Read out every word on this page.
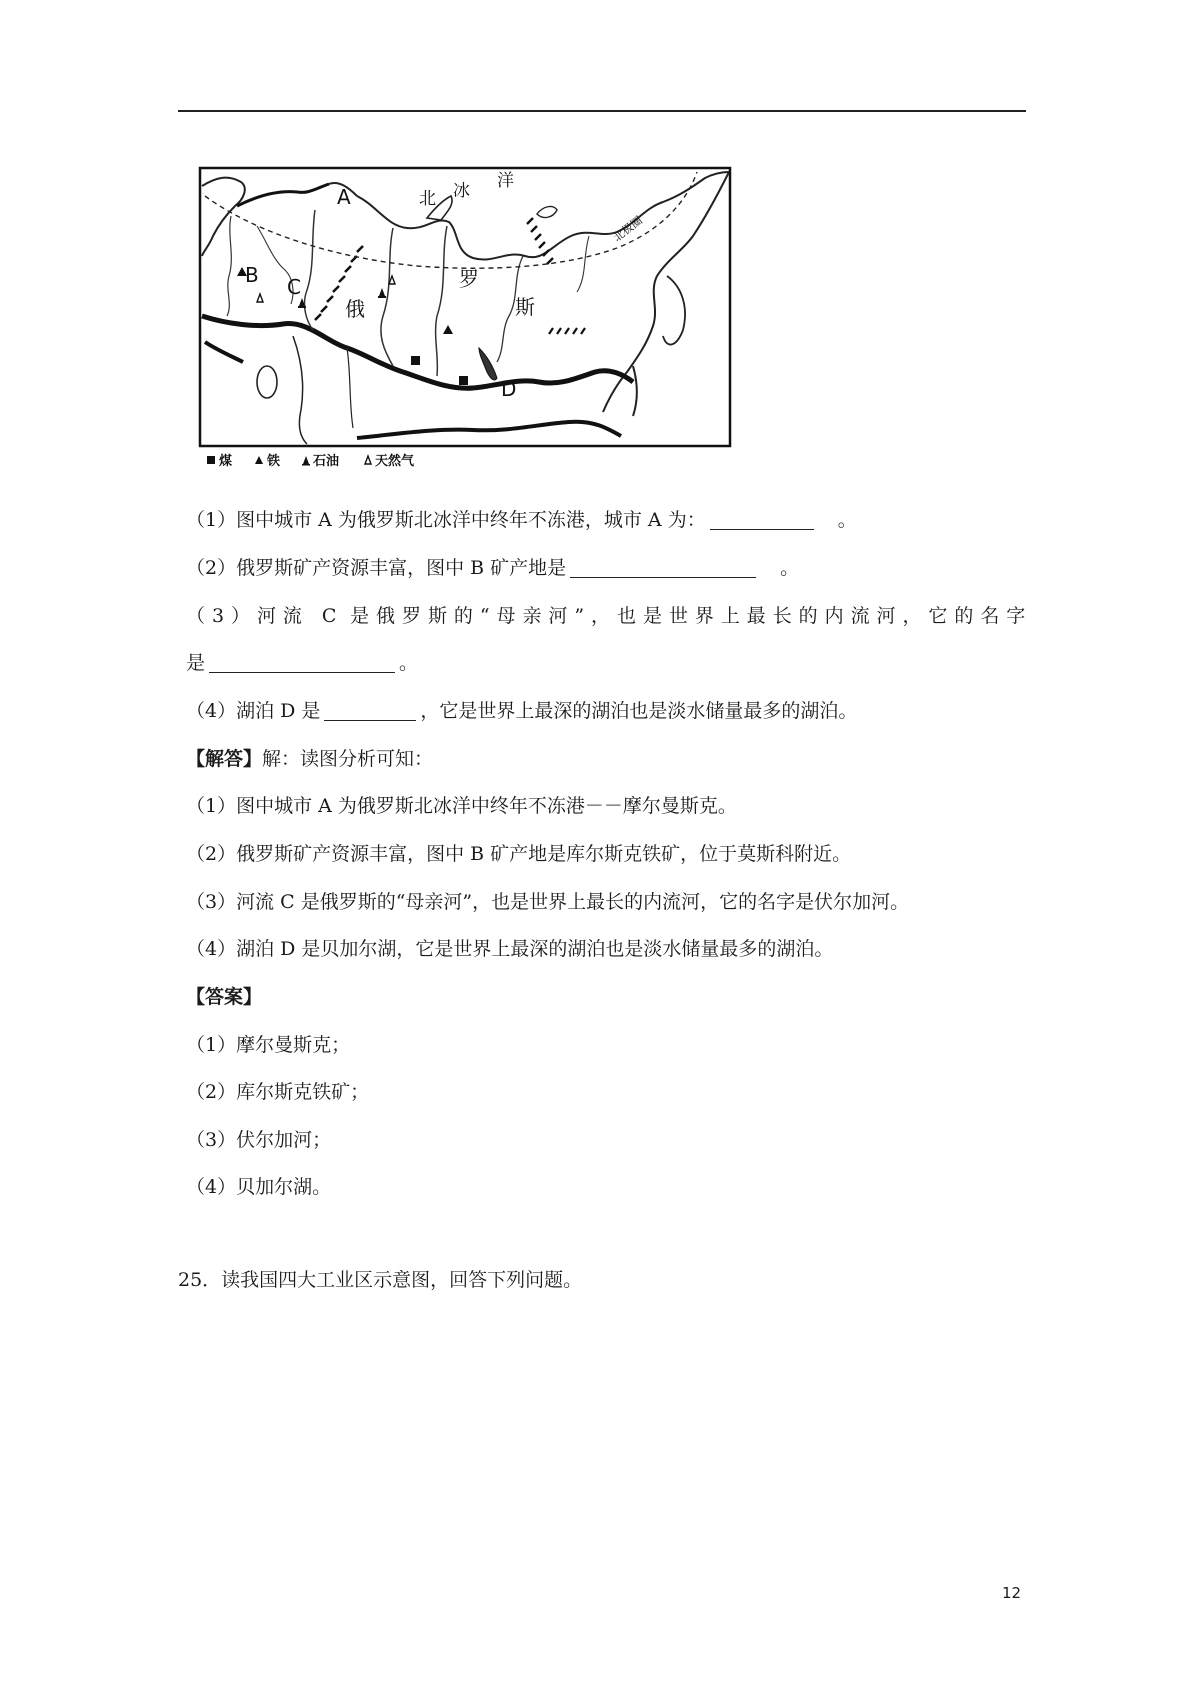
北极圈
北 冰 洋
俄
罗
斯
A
B C
D
煤	铁	石油	天然气
（1）图中城市 A 为俄罗斯北冰洋中终年不冻港，城市 A 为：	。
（2）俄罗斯矿产资源丰富，图中 B 矿产地是	。
（3）河流 C 是俄罗斯的“母亲河”，也是世界上最长的内流河，它的名字
是	。
（4）湖泊 D 是	，它是世界上最深的湖泊也是淡水储量最多的湖泊。
【解答】解：读图分析可知：
（1）图中城市 A 为俄罗斯北冰洋中终年不冻港－－摩尔曼斯克。
（2）俄罗斯矿产资源丰富，图中 B 矿产地是库尔斯克铁矿，位于莫斯科附近。
（3）河流 C 是俄罗斯的“母亲河”，也是世界上最长的内流河，它的名字是伏尔加河。
（4）湖泊 D 是贝加尔湖，它是世界上最深的湖泊也是淡水储量最多的湖泊。
【答案】
（1）摩尔曼斯克；
（2）库尔斯克铁矿；
（3）伏尔加河；
（4）贝加尔湖。
25．读我国四大工业区示意图，回答下列问题。
12
